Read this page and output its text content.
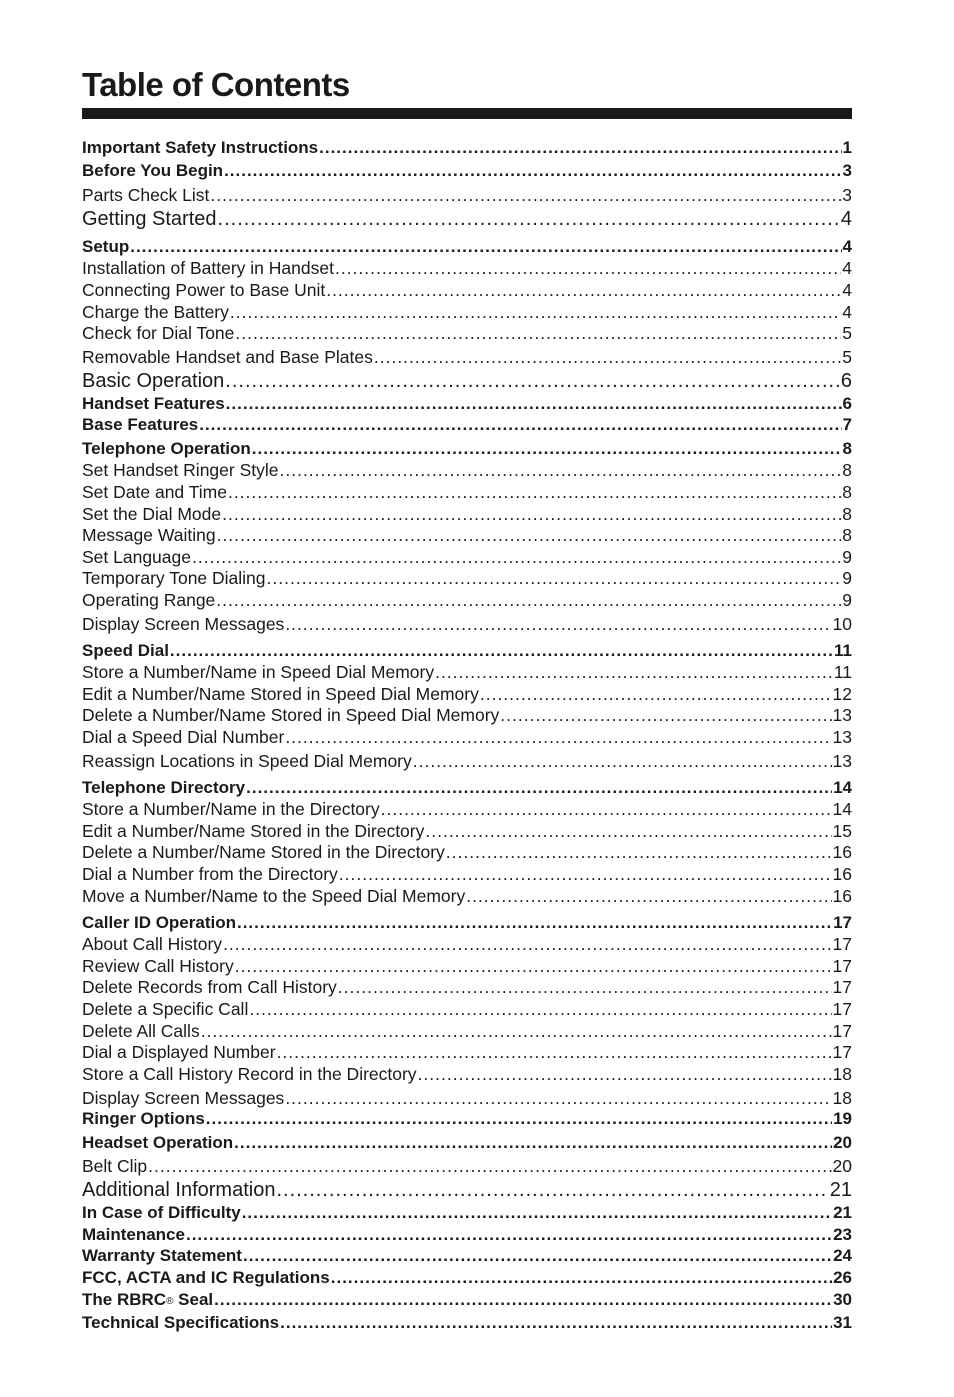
Table of Contents
Important Safety Instructions .....	1
Before You Begin .....	3
Parts Check List .....	3
Getting Started .....	4
Setup .....	4
Installation of Battery in Handset .....	4
Connecting Power to Base Unit .....	4
Charge the Battery .....	4
Check for Dial Tone .....	5
Removable Handset and Base Plates .....	5
Basic Operation .....	6
Handset Features .....	6
Base Features .....	7
Telephone Operation .....	8
Set Handset Ringer Style .....	8
Set Date and Time .....	8
Set the Dial Mode .....	8
Message Waiting .....	8
Set Language .....	9
Temporary Tone Dialing .....	9
Operating Range .....	9
Display Screen Messages .....	10
Speed Dial .....	11
Store a Number/Name in Speed Dial Memory .....	11
Edit a Number/Name Stored in Speed Dial Memory .....	12
Delete a Number/Name Stored in Speed Dial Memory .....	13
Dial a Speed Dial Number .....	13
Reassign Locations in Speed Dial Memory .....	13
Telephone Directory .....	14
Store a Number/Name in the Directory .....	14
Edit a Number/Name Stored in the Directory .....	15
Delete a Number/Name Stored in the Directory .....	16
Dial a Number from the Directory .....	16
Move a Number/Name to the Speed Dial Memory .....	16
Caller ID Operation .....	17
About Call History .....	17
Review Call History .....	17
Delete Records from Call History .....	17
Delete a Specific Call .....	17
Delete All Calls .....	17
Dial a Displayed Number .....	17
Store a Call History Record in the Directory .....	18
Display Screen Messages .....	18
Ringer Options .....	19
Headset Operation .....	20
Belt Clip .....	20
Additional Information .....	21
In Case of Difficulty .....	21
Maintenance .....	23
Warranty Statement .....	24
FCC, ACTA and IC Regulations .....	26
The RBRC® Seal .....	30
Technical Specifications .....	31
